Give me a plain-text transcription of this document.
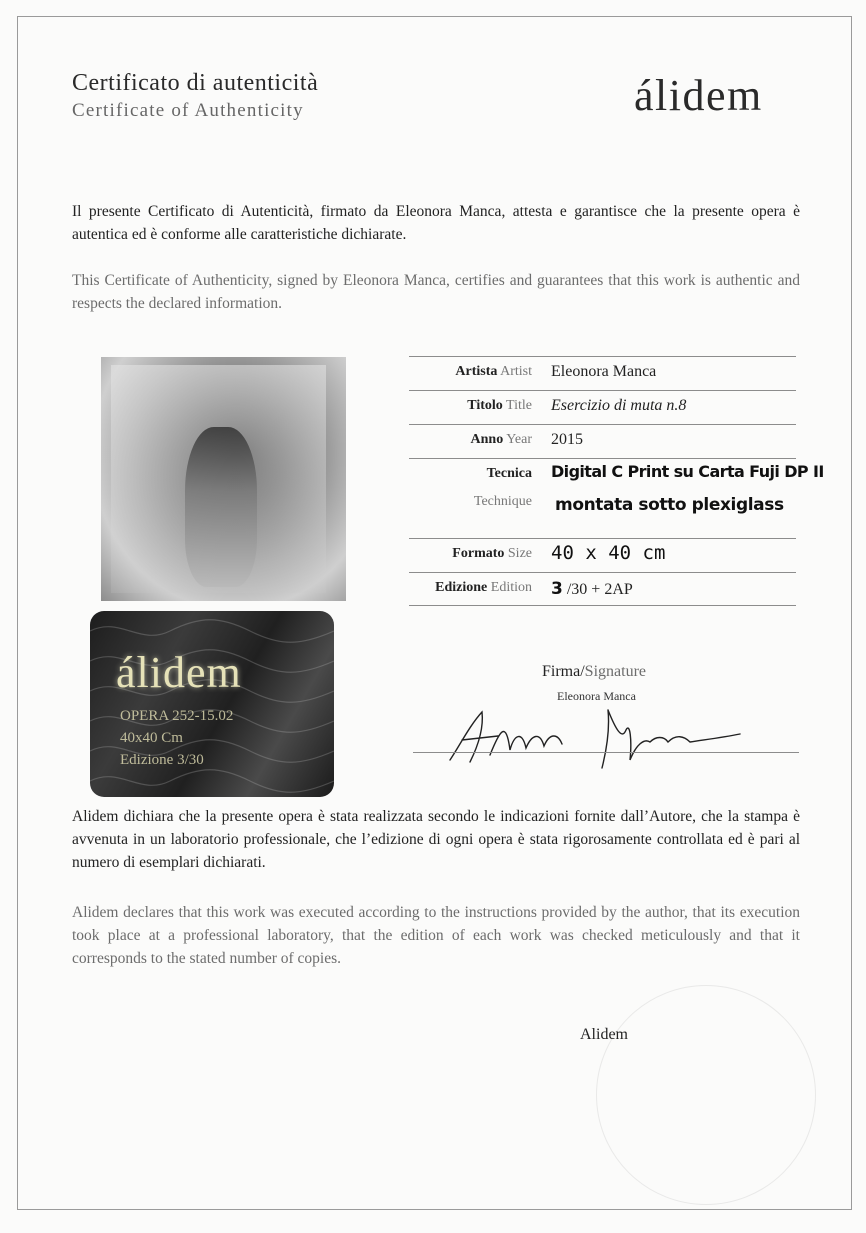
Certificato di autenticità
Certificate of Authenticity	álidem
Il presente Certificato di Autenticità, firmato da Eleonora Manca, attesta e garantisce che la presente opera è autentica ed è conforme alle caratteristiche dichiarate.
This Certificate of Authenticity, signed by Eleonora Manca, certifies and guarantees that this work is authentic and respects the declared information.
álidem
OPERA 252-15.02
40x40 Cm
Edizione 3/30
Artista Artist Eleonora Manca
Titolo Title Esercizio di muta n.8
Anno Year 2015
Tecnica
Technique
Digital C Print su Carta Fuji DP II
montata sotto plexiglass
Formato Size 40 x 40 cm
Edizione Edition 3 /30 + 2AP
Firma/Signature
Eleonora Manca
Alidem dichiara che la presente opera è stata realizzata secondo le indicazioni fornite dall’Autore, che la stampa è avvenuta in un laboratorio professionale, che l’edizione di ogni opera è stata rigorosamente controllata ed è pari al numero di esemplari dichiarati.
Alidem declares that this work was executed according to the instructions provided by the author, that its execution took place at a professional laboratory, that the edition of each work was checked meticulously and that it corresponds to the stated number of copies.
Alidem
